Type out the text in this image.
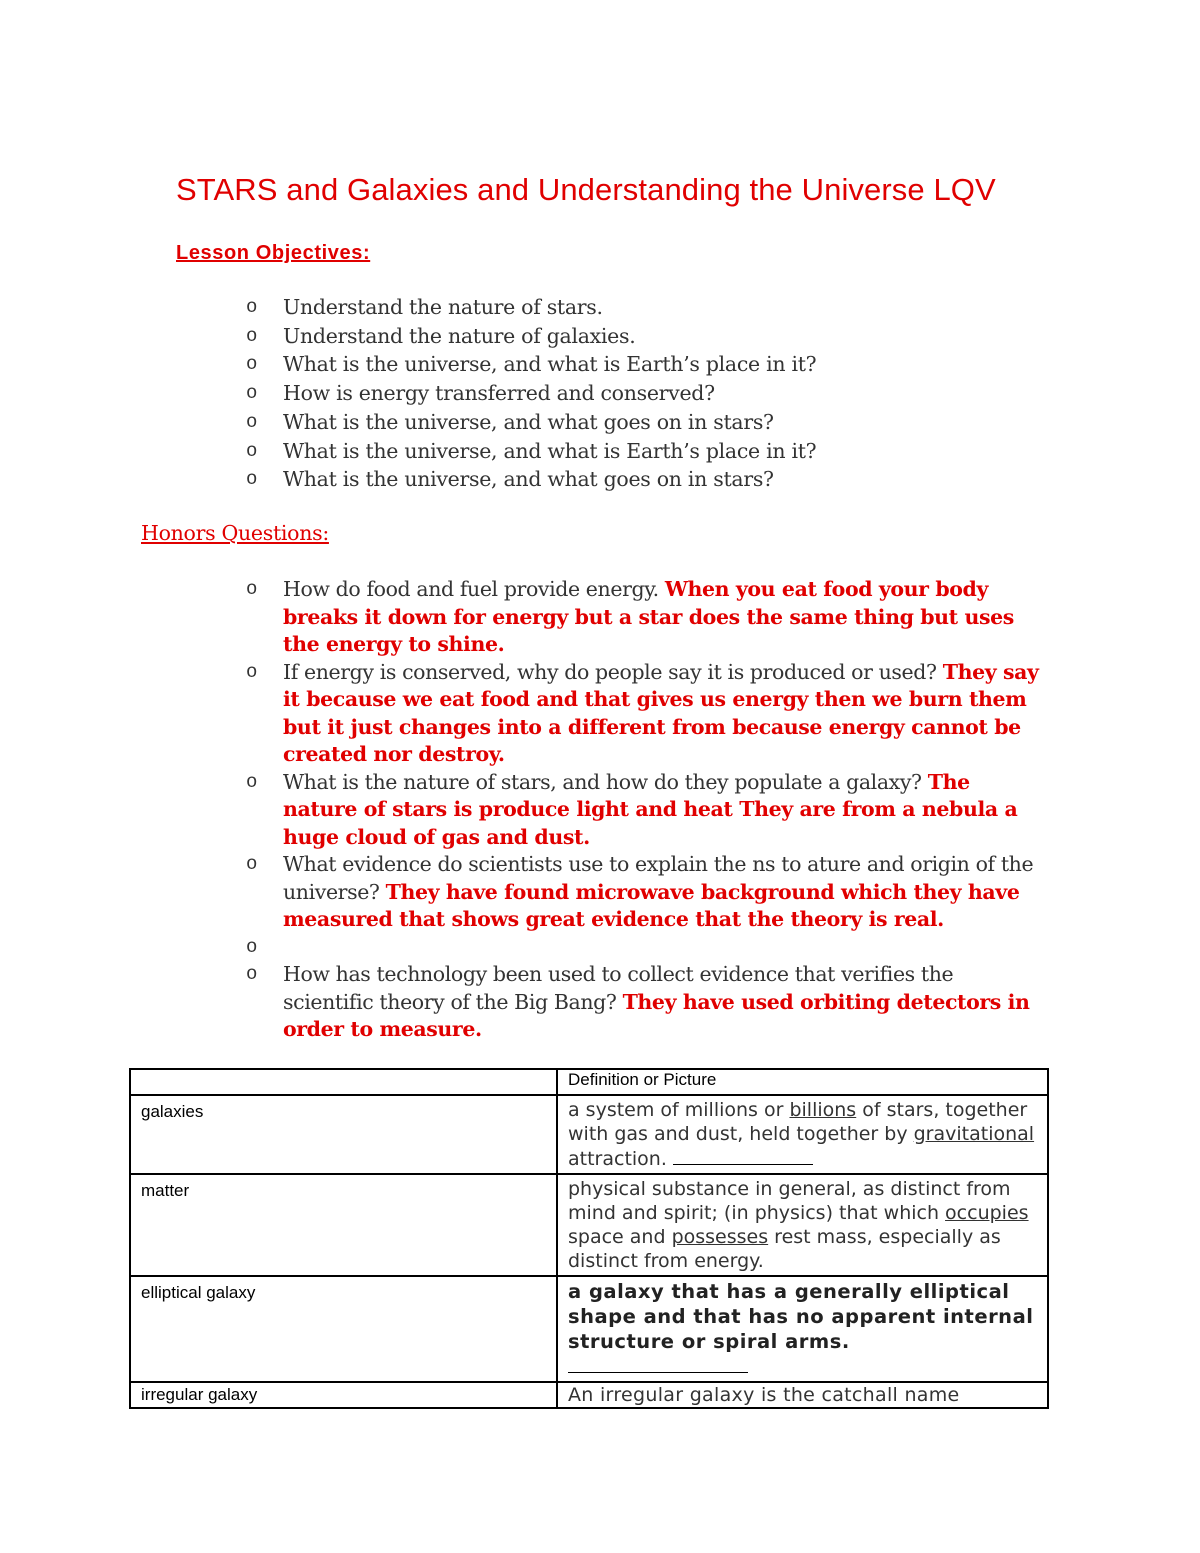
STARS and Galaxies and Understanding the Universe LQV
Lesson Objectives:
o Understand the nature of stars.
o Understand the nature of galaxies.
o What is the universe, and what is Earth’s place in it?
o How is energy transferred and conserved?
o What is the universe, and what goes on in stars?
o What is the universe, and what is Earth’s place in it?
o What is the universe, and what goes on in stars?
Honors Questions:
o How do food and fuel provide energy. When you eat food your body breaks it down for energy but a star does the same thing but uses the energy to shine.
o If energy is conserved, why do people say it is produced or used? They say it because we eat food and that gives us energy then we burn them but it just changes into a different from because energy cannot be created nor destroy.
o What is the nature of stars, and how do they populate a galaxy? The nature of stars is produce light and heat They are from a nebula a huge cloud of gas and dust.
o What evidence do scientists use to explain the ns to ature and origin of the universe? They have found microwave background which they have measured that shows great evidence that the theory is real.
o
o How has technology been used to collect evidence that verifies the scientific theory of the Big Bang? They have used orbiting detectors in order to measure.
	Definition or Picture

galaxies	a system of millions or billions of stars, together with gas and dust, held together by gravitational attraction.

matter	physical substance in general, as distinct from mind and spirit; (in physics) that which occupies space and possesses rest mass, especially as distinct from energy.

elliptical galaxy	a galaxy that has a generally elliptical shape and that has no apparent internal structure or spiral arms.

irregular galaxy	An irregular galaxy is the catchall name
